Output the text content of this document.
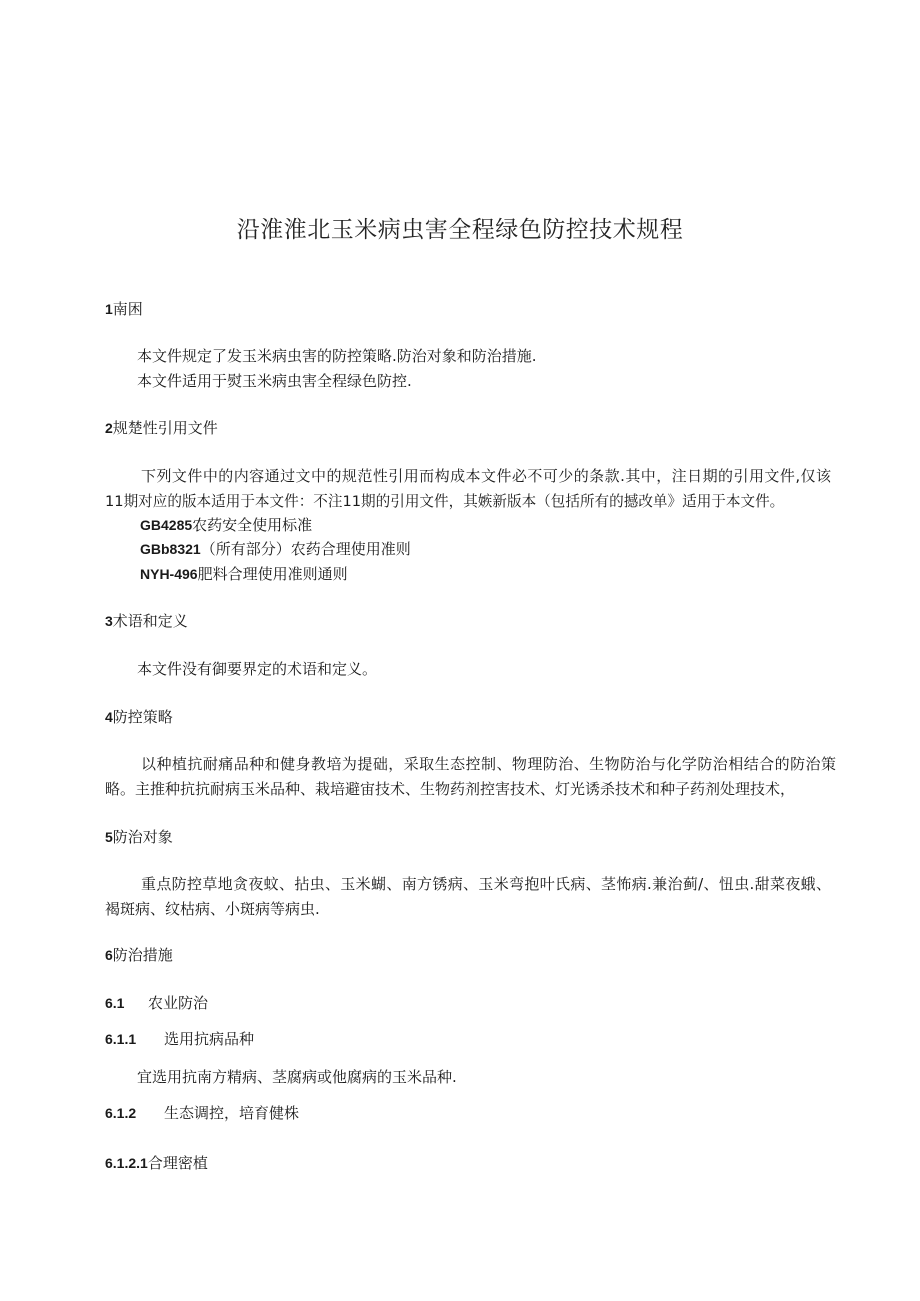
沿淮淮北玉米病虫害全程绿色防控技术规程
1南困
本文件规定了发玉米病虫害的防控策略.防治对象和防治措施.
本文件适用于熨玉米病虫害全程绿色防控.
2规楚性引用文件
下列文件中的内容通过文中的规范性引用而构成本文件必不可少的条款.其中，注日期的引用文件,仅该
11期对应的版本适用于本文件：不注11期的引用文件，其嫉新版本（包括所有的撼改单》适用于本文件。
GB4285农药安全使用标准
GBb8321（所有部分）农药合理使用准则
NYH-496肥料合理使用准则通则
3术语和定义
本文件没有御要界定的术语和定义。
4防控策略
以种植抗耐痛品种和健身教培为提础，采取生态控制、物理防治、生物防治与化学防治相结合的防治策
略。主推种抗抗耐病玉米品种、栽培避宙技术、生物药剂控害技术、灯光诱杀技术和种子药剂处理技术，
5防治对象
重点防控草地贪夜蚊、拈虫、玉米蝴、南方锈病、玉米弯抱叶氏病、茎怖病.兼治蓟/、忸虫.甜菜夜蛾、
褐斑病、纹枯病、小斑病等病虫.
6防治措施
6.1 农业防治
6.1.1 选用抗病品种
宜选用抗南方精病、茎腐病或他腐病的玉米品种.
6.1.2 生态调控，培育健株
6.1.2.1合理密植
